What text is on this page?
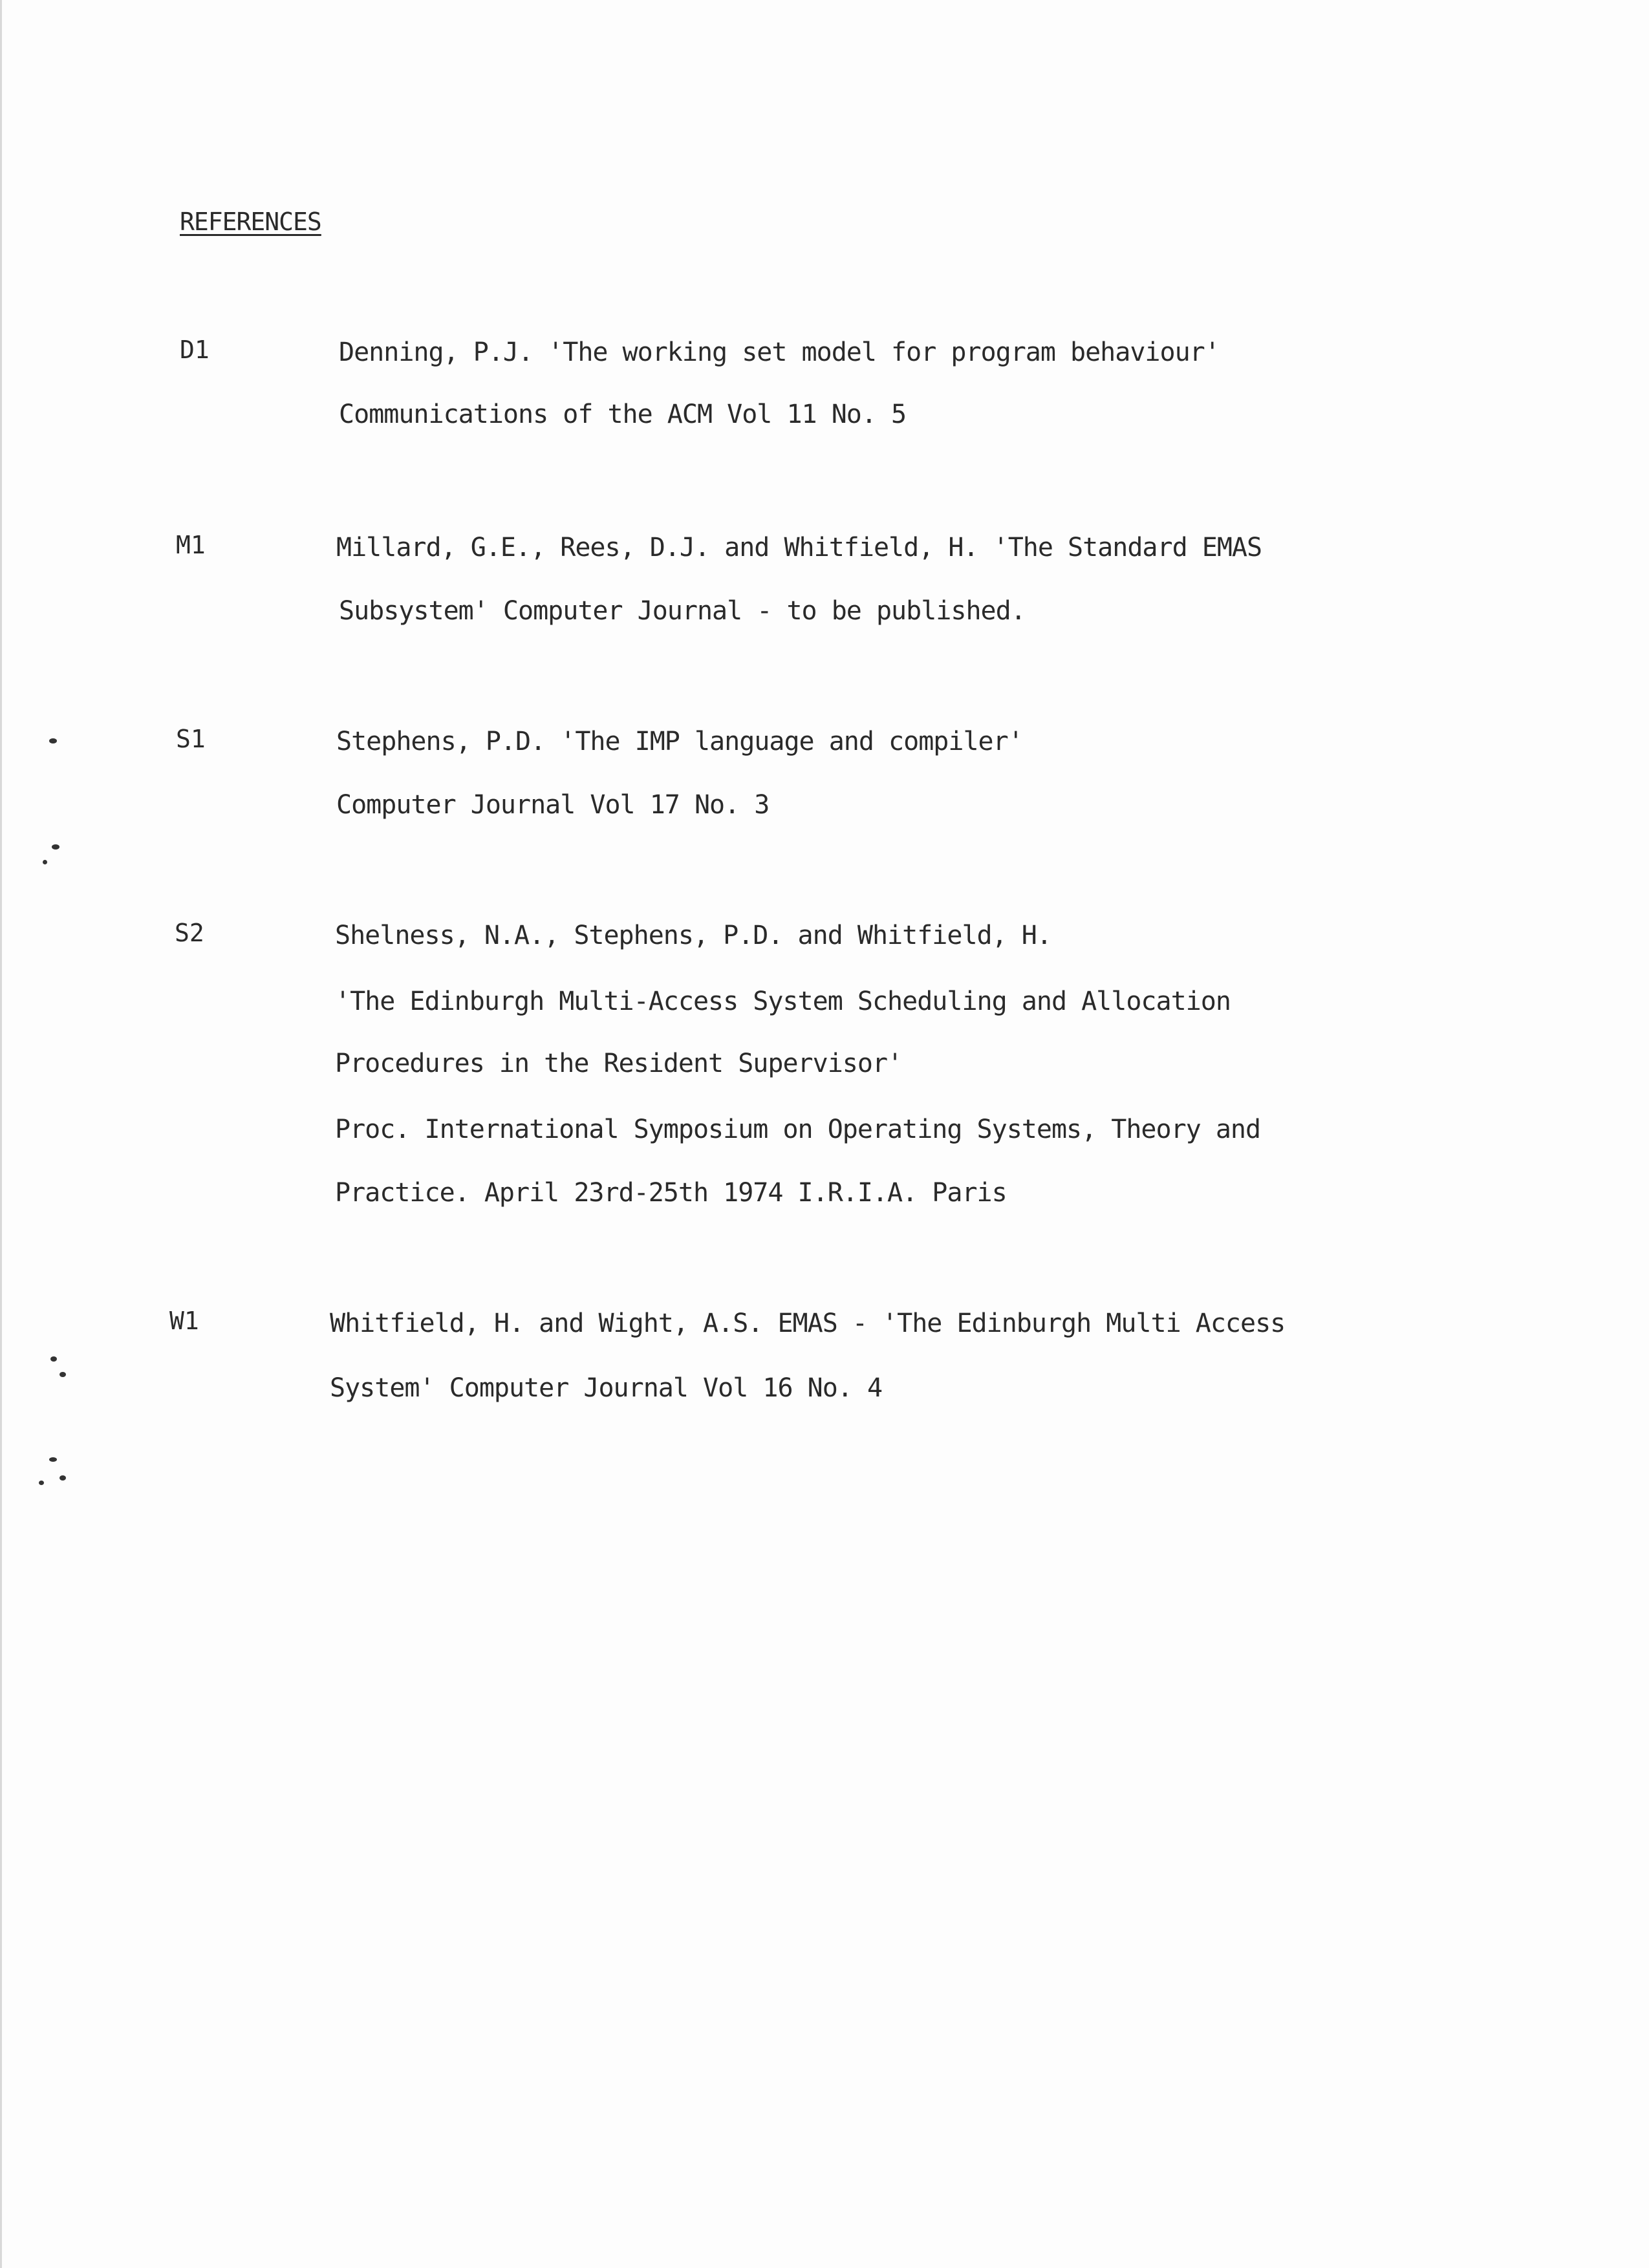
REFERENCES
D1	Denning, P.J. 'The working set model for program behaviour'
Communications of the ACM Vol 11 No. 5
M1	Millard, G.E., Rees, D.J. and Whitfield, H. 'The Standard EMAS
Subsystem' Computer Journal - to be published.
S1	Stephens, P.D. 'The IMP language and compiler'
Computer Journal Vol 17 No. 3
S2	Shelness, N.A., Stephens, P.D. and Whitfield, H.
'The Edinburgh Multi-Access System Scheduling and Allocation
Procedures in the Resident Supervisor'
Proc. International Symposium on Operating Systems, Theory and
Practice. April 23rd-25th 1974 I.R.I.A. Paris
W1	Whitfield, H. and Wight, A.S. EMAS - 'The Edinburgh Multi Access
System' Computer Journal Vol 16 No. 4
